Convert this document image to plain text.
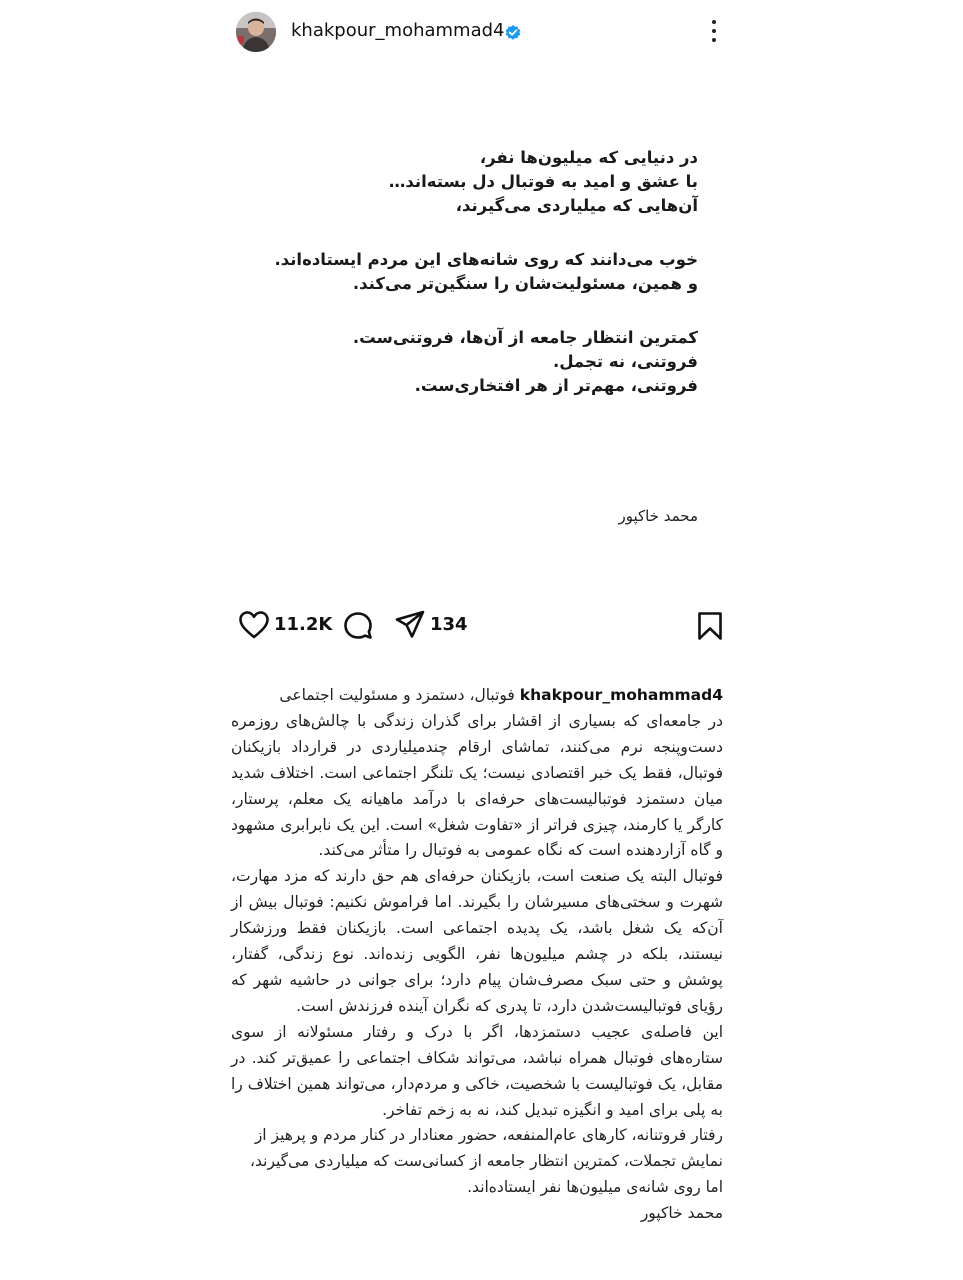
khakpour_mohammad4
در دنیایی که میلیون‌ها نفر،
با عشق و امید به فوتبال دل بسته‌اند…
آن‌هایی که میلیاردی می‌گیرند،
خوب می‌دانند که روی شانه‌های این مردم ایستاده‌اند.
و همین، مسئولیت‌شان را سنگین‌تر می‌کند.
کمترین انتظار جامعه از آن‌ها، فروتنی‌ست.
فروتنی، نه تجمل.
فروتنی، مهم‌تر از هر افتخاری‌ست.
محمد خاکپور
11.2K	134

khakpour_mohammad4 فوتبال، دستمزد و مسئولیت اجتماعی

در جامعه‌ای که بسیاری از اقشار برای گذران زندگی با چالش‌های روزمره دست‌وپنجه نرم می‌کنند، تماشای ارقام چندمیلیاردی در قرارداد بازیکنان فوتبال، فقط یک خبر اقتصادی نیست؛ یک تلنگر اجتماعی است. اختلاف شدید میان دستمزد فوتبالیست‌های حرفه‌ای با درآمد ماهیانه یک معلم، پرستار، کارگر یا کارمند، چیزی فراتر از «تفاوت شغل» است. این یک نابرابری مشهود و گاه آزاردهنده است که نگاه عمومی به فوتبال را متأثر می‌کند.

فوتبال البته یک صنعت است، بازیکنان حرفه‌ای هم حق دارند که مزد مهارت، شهرت و سختی‌های مسیرشان را بگیرند. اما فراموش نکنیم: فوتبال بیش از آن‌که یک شغل باشد، یک پدیده اجتماعی است. بازیکنان فقط ورزشکار نیستند، بلکه در چشم میلیون‌ها نفر، الگویی زنده‌اند. نوع زندگی، گفتار، پوشش و حتی سبک مصرف‌شان پیام دارد؛ برای جوانی در حاشیه شهر که رؤیای فوتبالیست‌شدن دارد، تا پدری که نگران آینده فرزندش است.

این فاصله‌ی عجیب دستمزدها، اگر با درک و رفتار مسئولانه از سوی ستاره‌های فوتبال همراه نباشد، می‌تواند شکاف اجتماعی را عمیق‌تر کند. در مقابل، یک فوتبالیست با شخصیت، خاکی و مردم‌دار، می‌تواند همین اختلاف را به پلی برای امید و انگیزه تبدیل کند، نه به زخم تفاخر.

رفتار فروتنانه، کارهای عام‌المنفعه، حضور معنادار در کنار مردم و پرهیز از نمایش تجملات، کمترین انتظار جامعه از کسانی‌ست که میلیاردی می‌گیرند، اما روی شانه‌ی میلیون‌ها نفر ایستاده‌اند.

محمد خاکپور
